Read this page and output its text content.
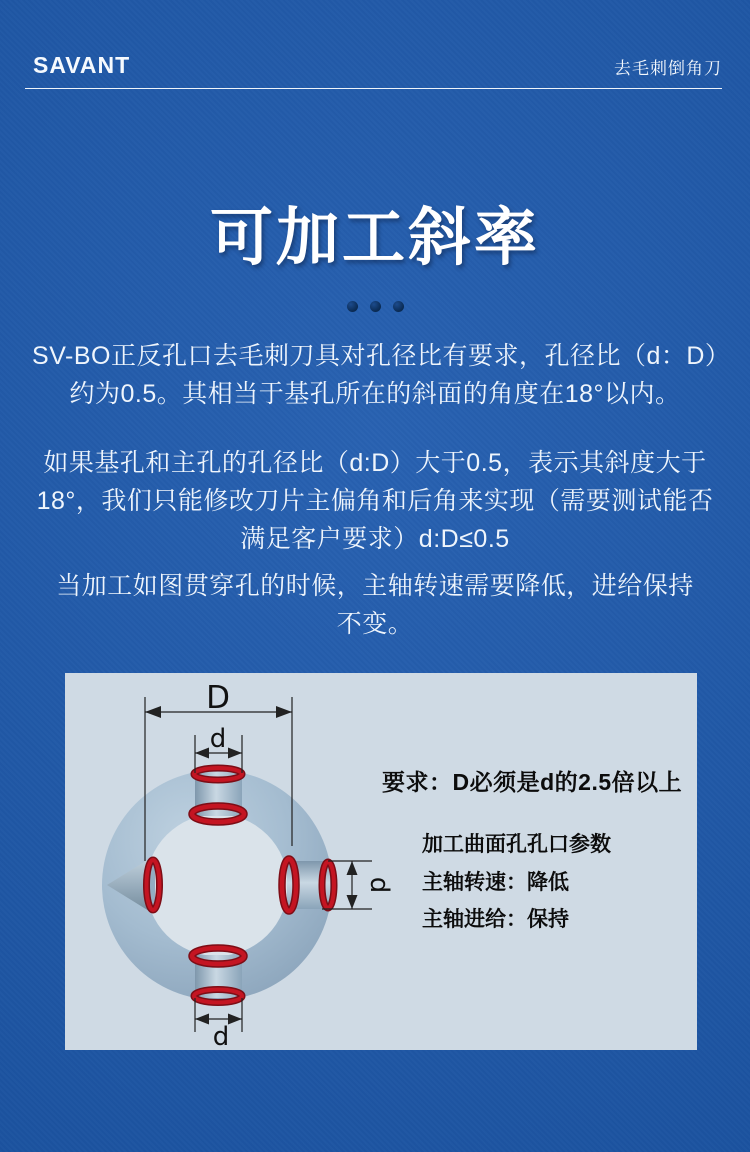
SAVANT	去毛刺倒角刀
可加工斜率
SV-BO正反孔口去毛刺刀具对孔径比有要求，孔径比（d：D）约为0.5。其相当于基孔所在的斜面的角度在18°以内。
如果基孔和主孔的孔径比（d:D）大于0.5，表示其斜度大于18°，我们只能修改刀片主偏角和后角来实现（需要测试能否满足客户要求）d:D≤0.5
当加工如图贯穿孔的时候，主轴转速需要降低，进给保持不变。
D
d
d
d
要求：D必须是d的2.5倍以上
加工曲面孔孔口参数
主轴转速：降低
主轴进给：保持
